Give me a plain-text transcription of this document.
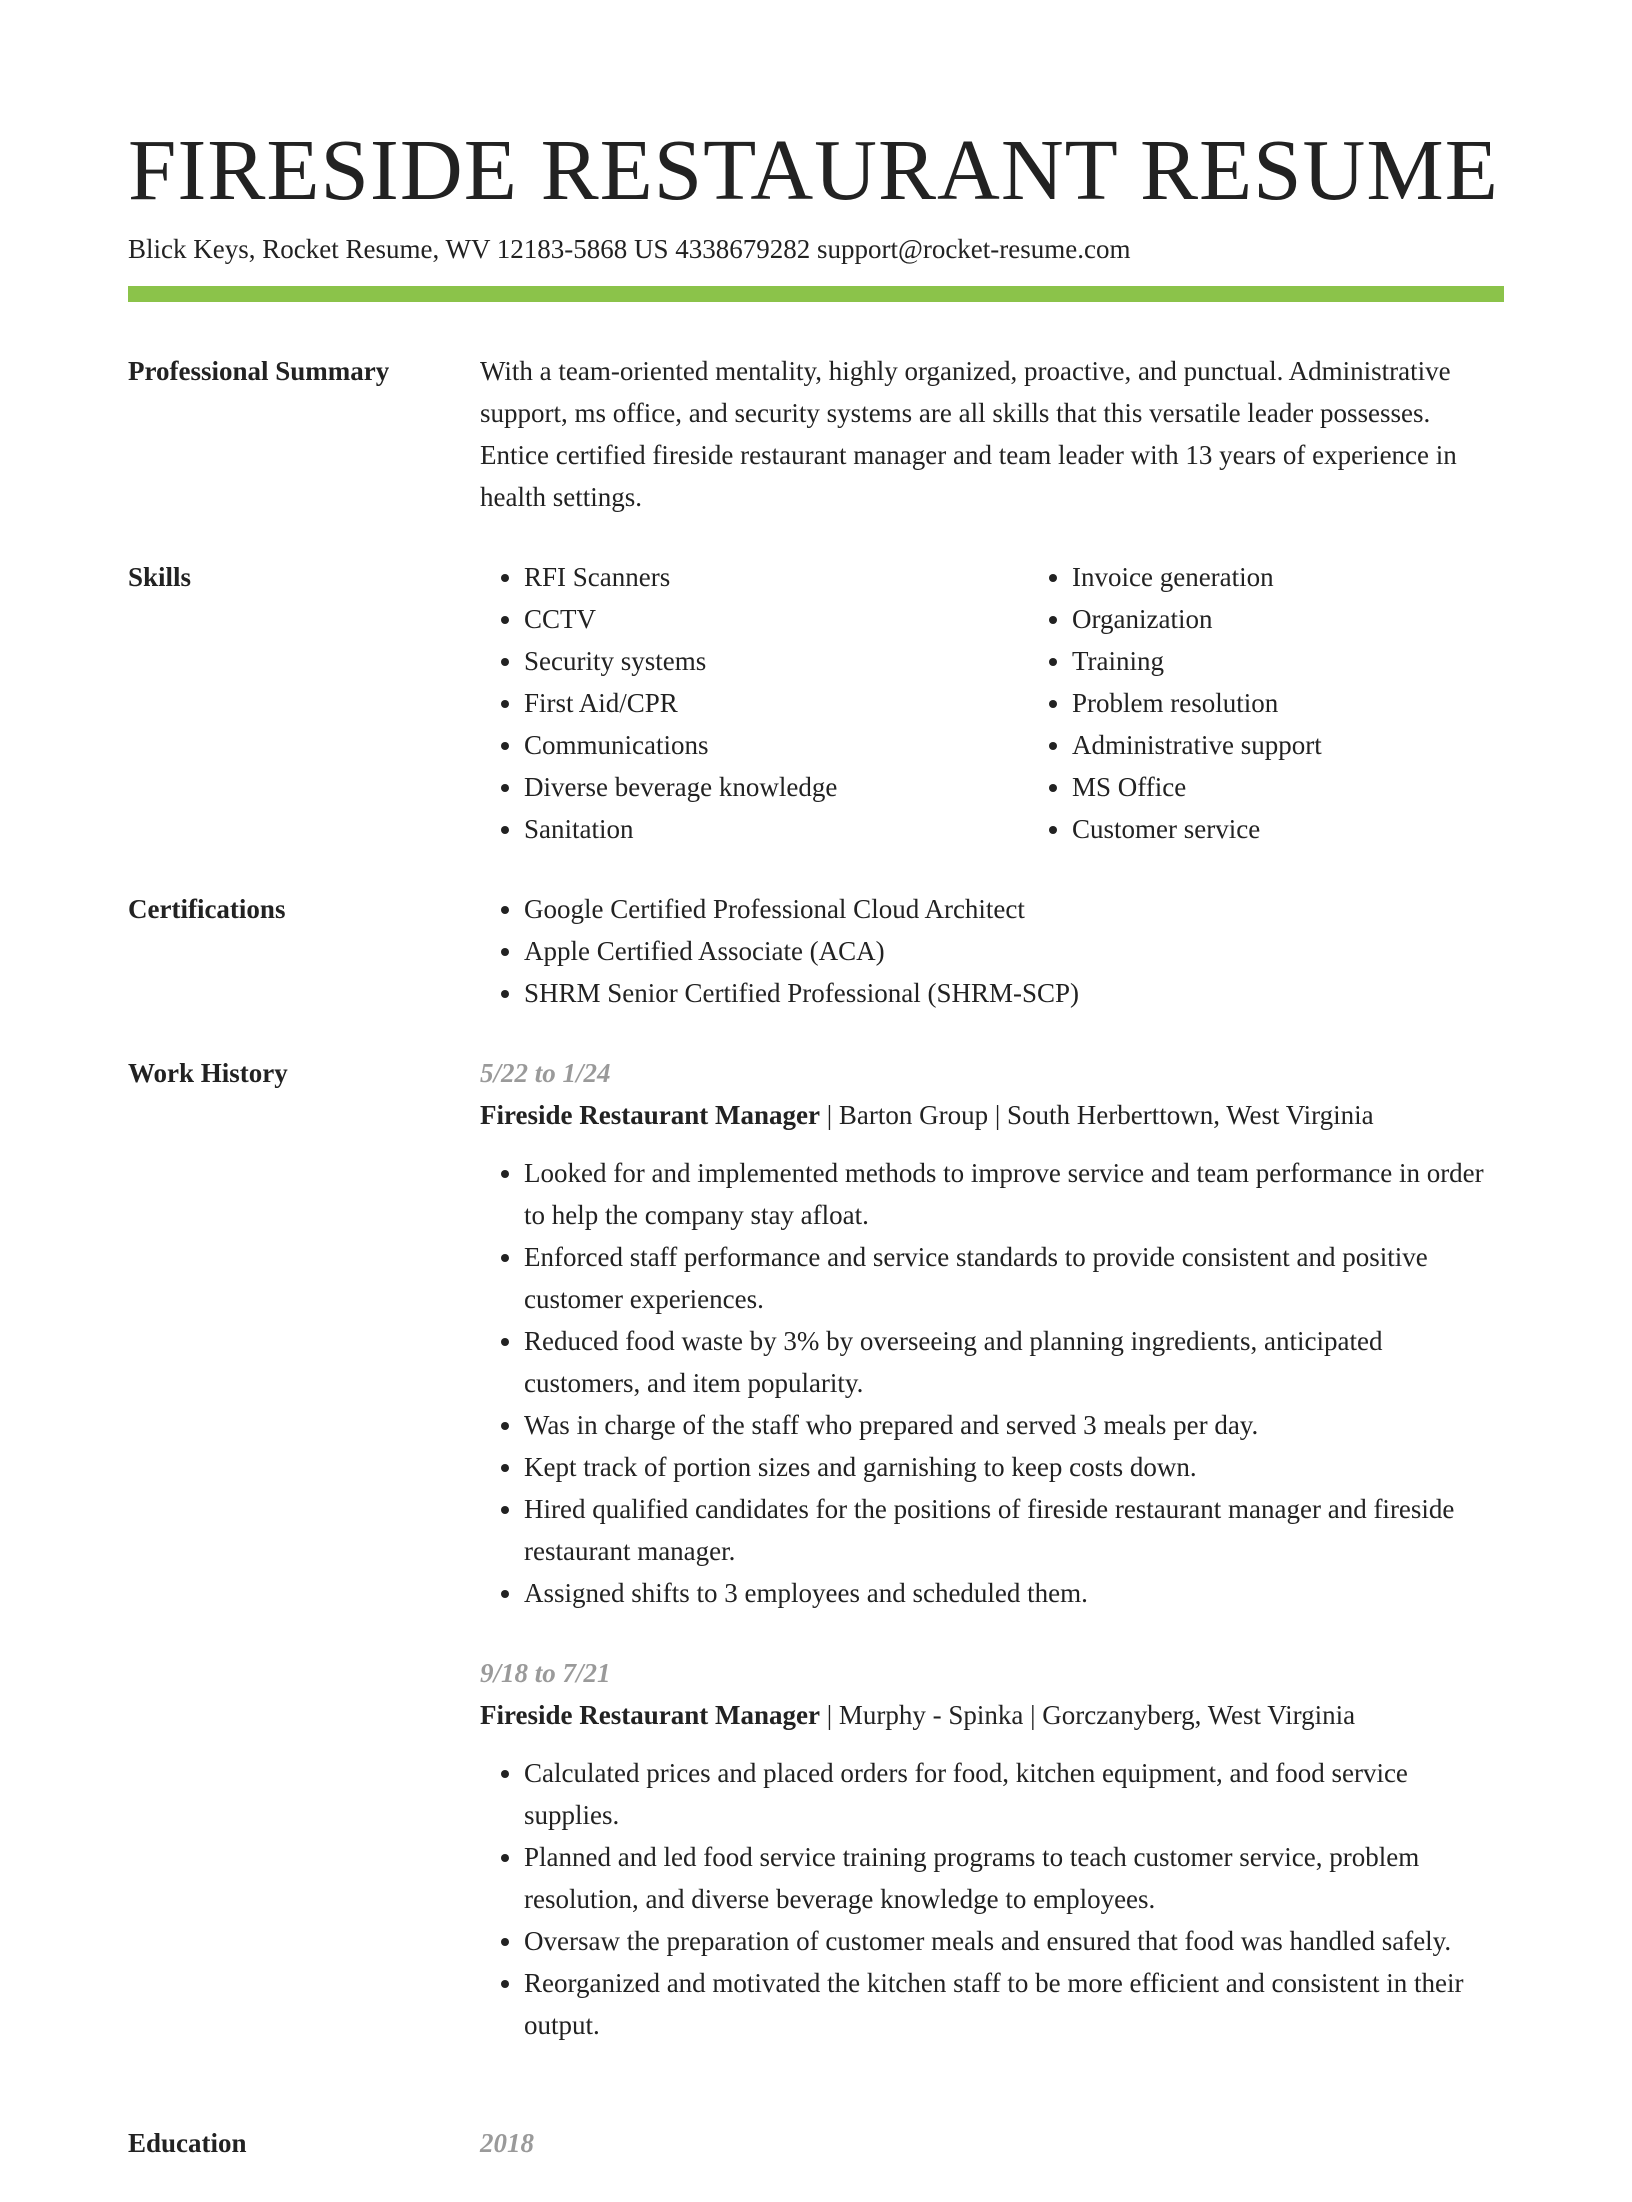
FIRESIDE RESTAURANT RESUME
Blick Keys, Rocket Resume, WV 12183-5868 US 4338679282 support@rocket-resume.com
Professional Summary	With a team-oriented mentality, highly organized, proactive, and punctual. Administrative support, ms office, and security systems are all skills that this versatile leader possesses. Entice certified fireside restaurant manager and team leader with 13 years of experience in health settings.

Skills	• RFI Scanners
• CCTV
• Security systems
• First Aid/CPR
• Communications
• Diverse beverage knowledge
• Sanitation
• Invoice generation
• Organization
• Training
• Problem resolution
• Administrative support
• MS Office
• Customer service
Certifications	• Google Certified Professional Cloud Architect
• Apple Certified Associate (ACA)
• SHRM Senior Certified Professional (SHRM-SCP)
Work History	5/22 to 1/24
Fireside Restaurant Manager | Barton Group | South Herberttown, West Virginia
• Looked for and implemented methods to improve service and team performance in order to help the company stay afloat.
• Enforced staff performance and service standards to provide consistent and positive customer experiences.
• Reduced food waste by 3% by overseeing and planning ingredients, anticipated customers, and item popularity.
• Was in charge of the staff who prepared and served 3 meals per day.
• Kept track of portion sizes and garnishing to keep costs down.
• Hired qualified candidates for the positions of fireside restaurant manager and fireside restaurant manager.
• Assigned shifts to 3 employees and scheduled them.
9/18 to 7/21
Fireside Restaurant Manager | Murphy - Spinka | Gorczanyberg, West Virginia
• Calculated prices and placed orders for food, kitchen equipment, and food service supplies.
• Planned and led food service training programs to teach customer service, problem resolution, and diverse beverage knowledge to employees.
• Oversaw the preparation of customer meals and ensured that food was handled safely.
• Reorganized and motivated the kitchen staff to be more efficient and consistent in their output.
Education	2018
